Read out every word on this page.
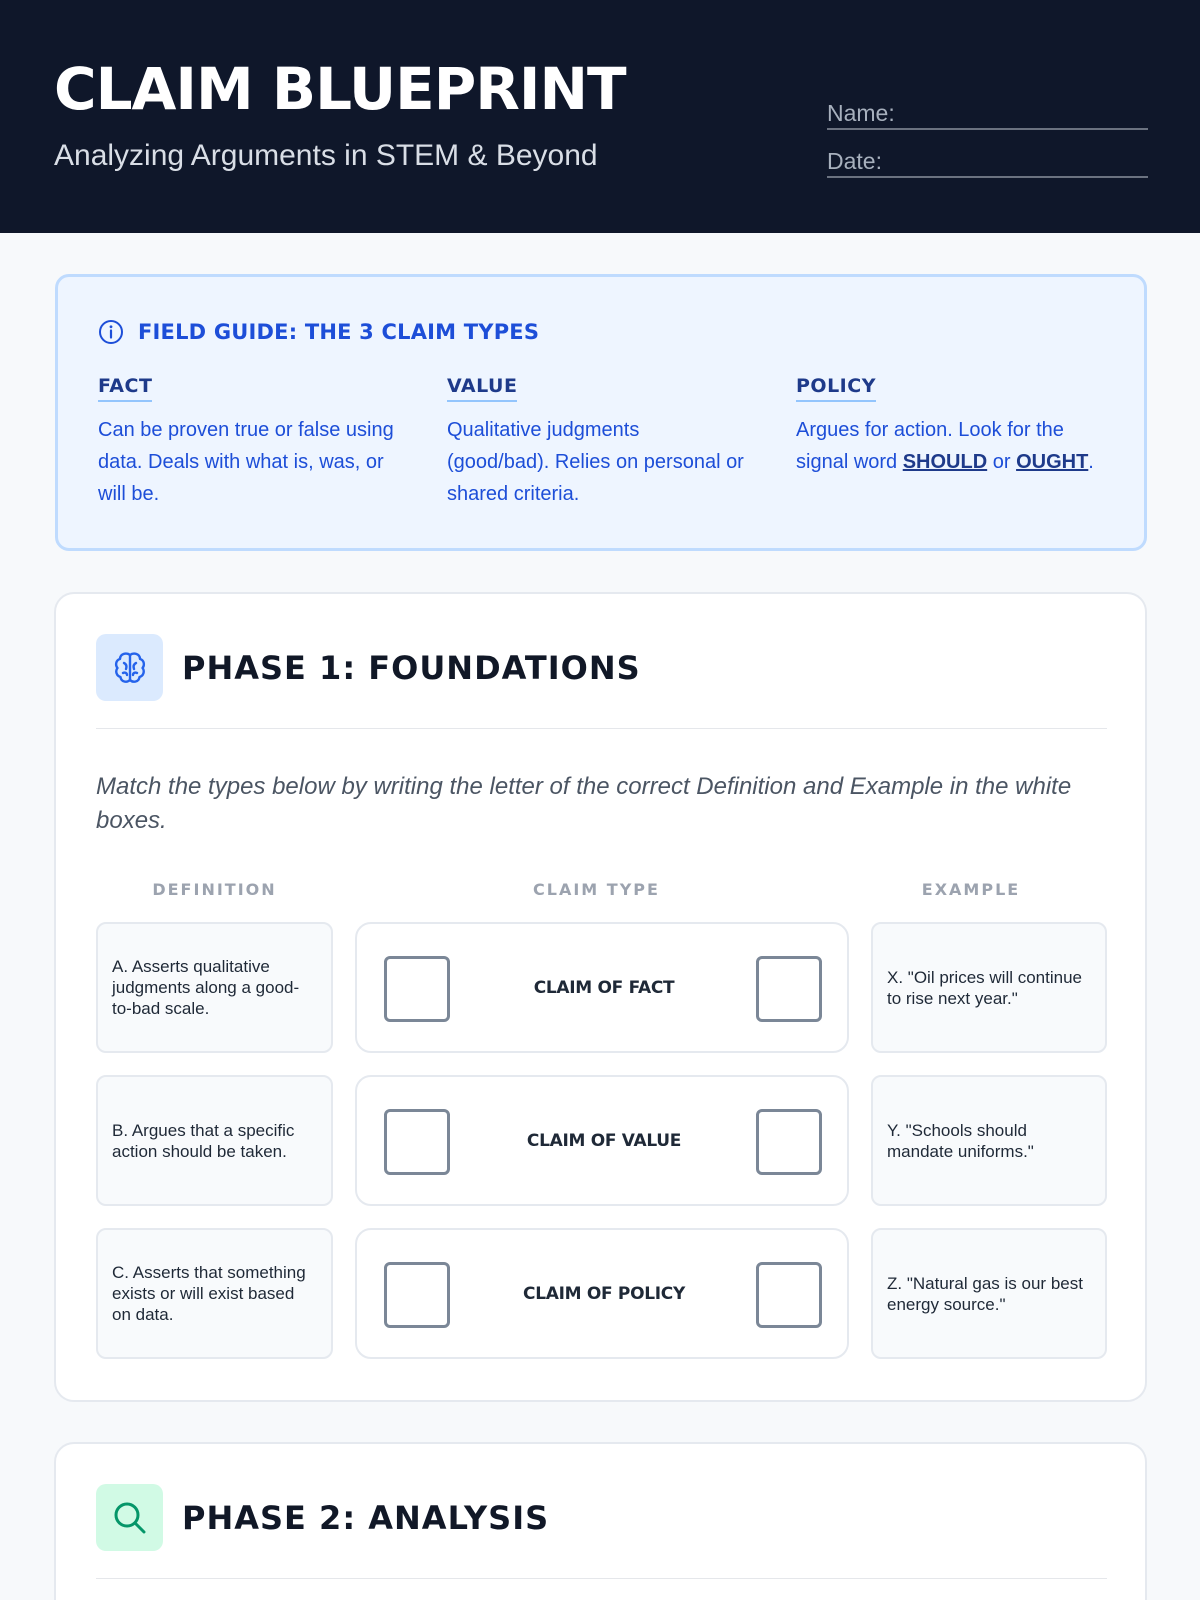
CLAIM BLUEPRINT
Analyzing Arguments in STEM & Beyond
Name:
Date:
FIELD GUIDE: THE 3 CLAIM TYPES
FACT
Can be proven true or false using data. Deals with what is, was, or will be.
VALUE
Qualitative judgments (good/bad). Relies on personal or shared criteria.
POLICY
Argues for action. Look for the signal word SHOULD or OUGHT.
PHASE 1: FOUNDATIONS
Match the types below by writing the letter of the correct Definition and Example in the white boxes.
DEFINITION	CLAIM TYPE	EXAMPLE
A. Asserts qualitative judgments along a good-to-bad scale.
CLAIM OF FACT
X. "Oil prices will continue to rise next year."
B. Argues that a specific action should be taken.
CLAIM OF VALUE
Y. "Schools should mandate uniforms."
C. Asserts that something exists or will exist based on data.
CLAIM OF POLICY
Z. "Natural gas is our best energy source."
PHASE 2: ANALYSIS
